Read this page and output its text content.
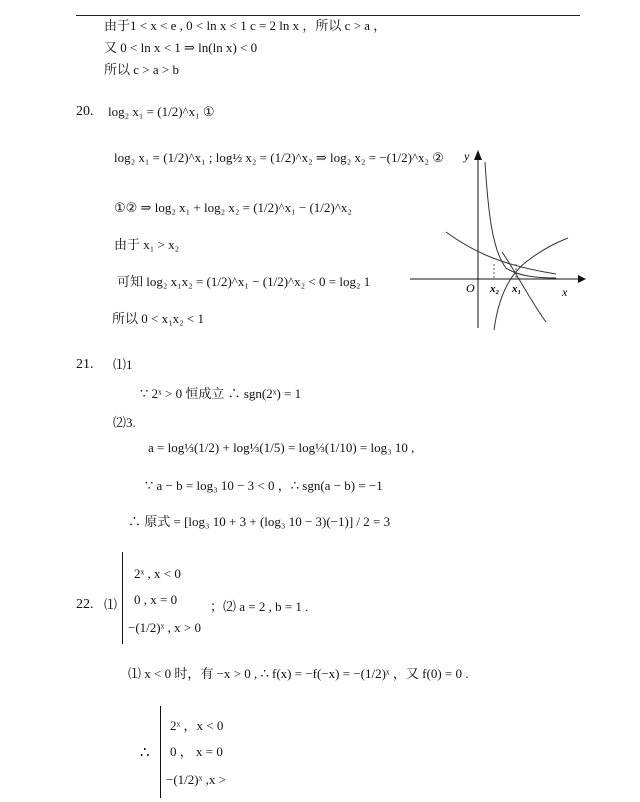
由于1 < x < e , 0 < ln x < 1 c = 2 ln x ，所以 c > a ，
又 0 < ln x < 1 ⇒ ln(ln x) < 0
所以 c > a > b
20. log₂ x₁ = (1/2)^x₁ ①
log₂ x₁ = (1/2)^x₁ ; log½ x₂ = (1/2)^x₂ ⇒ log₂ x₂ = −(1/2)^x₂ ②
①② ⇒ log₂ x₁ + log₂ x₂ = (1/2)^x₁ − (1/2)^x₂
由于 x₁ > x₂
可知 log₂ x₁x₂ = (1/2)^x₁ − (1/2)^x₂ < 0 = log₂ 1
所以 0 < x₁x₂ < 1
y
x
O x₂ x₁
21. ⑴1
∵ 2ˣ > 0 恒成立 ∴ sgn(2ˣ) = 1
⑵3.
a = log⅓(1/2) + log⅓(1/5) = log⅓(1/10) = log₃ 10 ,
∵ a − b = log₃ 10 − 3 < 0 ，∴ sgn(a − b) = −1
∴ 原式 = [log₃ 10 + 3 + (log₃ 10 − 3)(−1)] / 2 = 3
22. ⑴
2ˣ , x < 0
0 , x = 0
−(1/2)ˣ , x > 0
；⑵ a = 2 , b = 1 .
⑴ x < 0 时，有 −x > 0 , ∴ f(x) = −f(−x) = −(1/2)ˣ ，又 f(0) = 0 .
∴
2ˣ ，x < 0
0 ， x = 0
−(1/2)ˣ ,x >
